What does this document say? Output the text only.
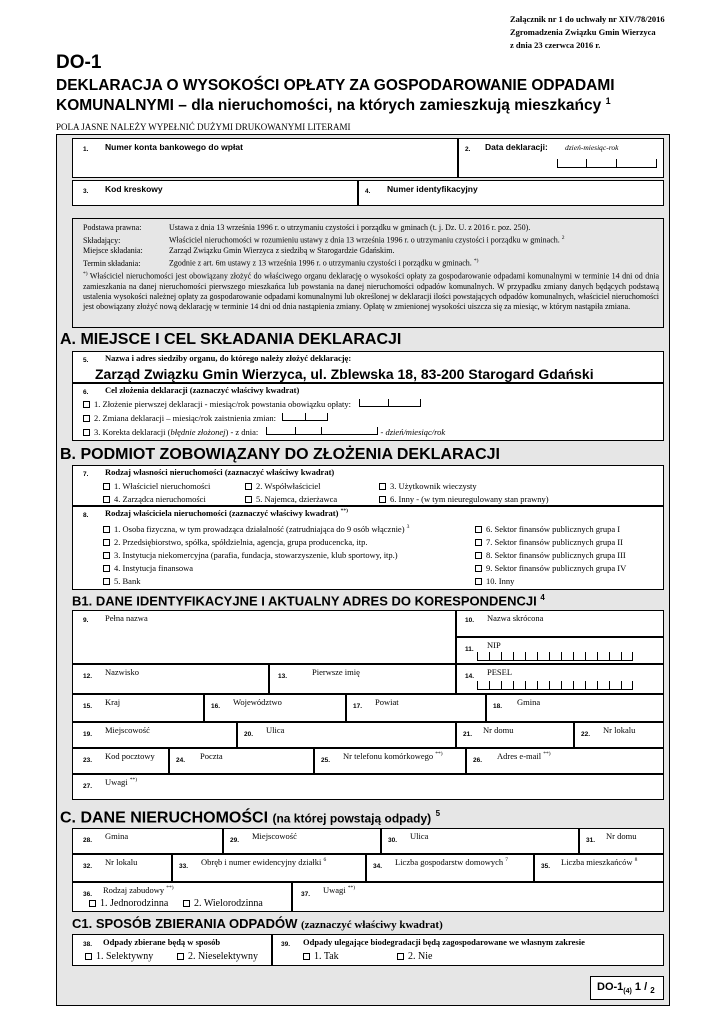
Załącznik nr 1 do uchwały nr XIV/78/2016
Zgromadzenia Związku Gmin Wierzyca
z dnia 23 czerwca 2016 r.
DO-1
DEKLARACJA O WYSOKOŚCI OPŁATY ZA GOSPODAROWANIE ODPADAMI
KOMUNALNYMI – dla nieruchomości, na których zamieszkują mieszkańcy $^1$
POLA JASNE NALEŻY WYPEŁNIĆ DUŻYMI DRUKOWANYMI LITERAMI
1. Numer konta bankowego do wpłat	2. Data deklaracji: dzień-miesiąc-rok
3. Kod kreskowy	4. Numer identyfikacyjny
Podstawa prawna:	Ustawa z dnia 13 września 1996 r. o utrzymaniu czystości i porządku w gminach (t. j. Dz. U. z 2016 r. poz. 250).
Składający:	Właściciel nieruchomości w rozumieniu ustawy z dnia 13 września 1996 r. o utrzymaniu czystości i porządku w gminach. $^2$
Miejsce składania:	Zarząd Związku Gmin Wierzyca z siedzibą w Starogardzie Gdańskim.
Termin składania:	Zgodnie z art. 6m ustawy z 13 września 1996 r. o utrzymaniu czystości i porządku w gminach. *)
*) Właściciel nieruchomości jest obowiązany złożyć do właściwego organu deklarację o wysokości opłaty za gospodarowanie odpadami komunalnymi w terminie 14 dni od dnia zamieszkania na danej nieruchomości pierwszego mieszkańca lub powstania na danej nieruchomości odpadów komunalnych. W przypadku zmiany danych będących podstawą ustalenia wysokości należnej opłaty za gospodarowanie odpadami komunalnymi lub określonej w deklaracji ilości powstających odpadów komunalnych, właściciel nieruchomości jest obowiązany złożyć nową deklarację w terminie 14 dni od dnia nastąpienia zmiany. Opłatę w zmienionej wysokości uiszcza się za miesiąc, w którym nastąpiła zmiana.
A. MIEJSCE I CEL SKŁADANIA DEKLARACJI
5. Nazwa i adres siedziby organu, do którego należy złożyć deklarację:
Zarząd Związku Gmin Wierzyca, ul. Zblewska 18, 83-200 Starogard Gdański
6. Cel złożenia deklaracji (zaznaczyć właściwy kwadrat)
1. Złożenie pierwszej deklaracji - miesiąc/rok powstania obowiązku opłaty:
2. Zmiana deklaracji – miesiąc/rok zaistnienia zmian:
3. Korekta deklaracji (błędnie złożonej) - z dnia:	- dzień/miesiąc/rok
B. PODMIOT ZOBOWIĄZANY DO ZŁOŻENIA DEKLARACJI
7. Rodzaj własności nieruchomości (zaznaczyć właściwy kwadrat)
1. Właściciel nieruchomości	2. Współwłaściciel	3. Użytkownik wieczysty
4. Zarządca nieruchomości	5. Najemca, dzierżawca	6. Inny - (w tym nieuregulowany stan prawny)
8. Rodzaj właściciela nieruchomości (zaznaczyć właściwy kwadrat) **)
1. Osoba fizyczna, w tym prowadząca działalność (zatrudniająca do 9 osób włącznie) $^3$
2. Przedsiębiorstwo, spółka, spółdzielnia, agencja, grupa producencka, itp.
3. Instytucja niekomercyjna (parafia, fundacja, stowarzyszenie, klub sportowy, itp.)
4. Instytucja finansowa
5. Bank
6. Sektor finansów publicznych grupa I
7. Sektor finansów publicznych grupa II
8. Sektor finansów publicznych grupa III
9. Sektor finansów publicznych grupa IV
10. Inny
B1. DANE IDENTYFIKACYJNE I AKTUALNY ADRES DO KORESPONDENCJI $^4$
9. Pełna nazwa	10. Nazwa skrócona
11. NIP
12. Nazwisko	13.	Pierwsze imię	14. PESEL
15. Kraj	16. Województwo	17. Powiat	18. Gmina
19. Miejscowość	20. Ulica	21. Nr domu	22. Nr lokalu
23. Kod pocztowy	24. Poczta	25. Nr telefonu komórkowego **)
26. Adres e-mail **)
27. Uwagi **)
C. DANE NIERUCHOMOŚCI (na której powstają odpady) $^5$
28. Gmina	29. Miejscowość	30. Ulica	31. Nr domu
32. Nr lokalu	33. Obręb i numer ewidencyjny działki $^6$
34. Liczba gospodarstw domowych $^7$
35. Liczba mieszkańców $^8$
36. Rodzaj zabudowy **)
1. Jednorodzinna	2. Wielorodzinna
37. Uwagi **)
C1. SPOSÓB ZBIERANIA ODPADÓW (zaznaczyć właściwy kwadrat)
38. Odpady zbierane będą w sposób
1. Selektywny	2. Nieselektywny
39. Odpady ulegające biodegradacji będą zagospodarowane we własnym zakresie
1. Tak	2. Nie
$DO-1_{(4)}$ 1 / $_2$
